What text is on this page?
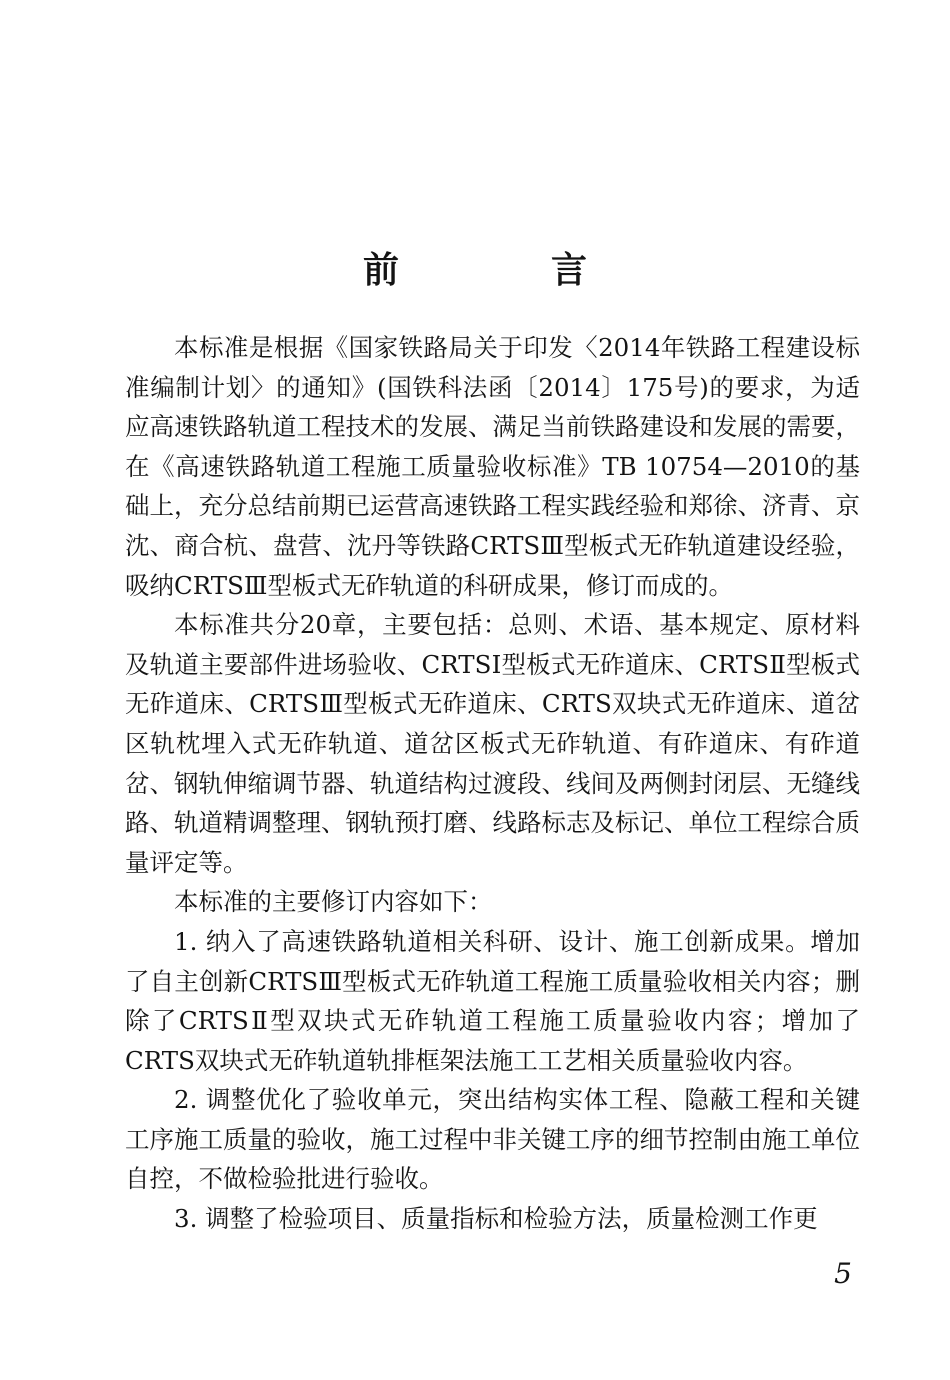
前　言

本标准是根据《国家铁路局关于印发〈2014年铁路工程建设标准编制计划〉的通知》(国铁科法函〔2014〕175号)的要求，为适应高速铁路轨道工程技术的发展、满足当前铁路建设和发展的需要，在《高速铁路轨道工程施工质量验收标准》TB 10754—2010的基础上，充分总结前期已运营高速铁路工程实践经验和郑徐、济青、京沈、商合杭、盘营、沈丹等铁路CRTSⅢ型板式无砟轨道建设经验，吸纳CRTSⅢ型板式无砟轨道的科研成果，修订而成的。

本标准共分20章，主要包括：总则、术语、基本规定、原材料及轨道主要部件进场验收、CRTSⅠ型板式无砟道床、CRTSⅡ型板式无砟道床、CRTSⅢ型板式无砟道床、CRTS双块式无砟道床、道岔区轨枕埋入式无砟轨道、道岔区板式无砟轨道、有砟道床、有砟道岔、钢轨伸缩调节器、轨道结构过渡段、线间及两侧封闭层、无缝线路、轨道精调整理、钢轨预打磨、线路标志及标记、单位工程综合质量评定等。

本标准的主要修订内容如下：

1. 纳入了高速铁路轨道相关科研、设计、施工创新成果。增加了自主创新CRTSⅢ型板式无砟轨道工程施工质量验收相关内容；删除了CRTSⅡ型双块式无砟轨道工程施工质量验收内容；增加了CRTS双块式无砟轨道轨排框架法施工工艺相关质量验收内容。

2. 调整优化了验收单元，突出结构实体工程、隐蔽工程和关键工序施工质量的验收，施工过程中非关键工序的细节控制由施工单位自控，不做检验批进行验收。

3. 调整了检验项目、质量指标和检验方法，质量检测工作更

5
